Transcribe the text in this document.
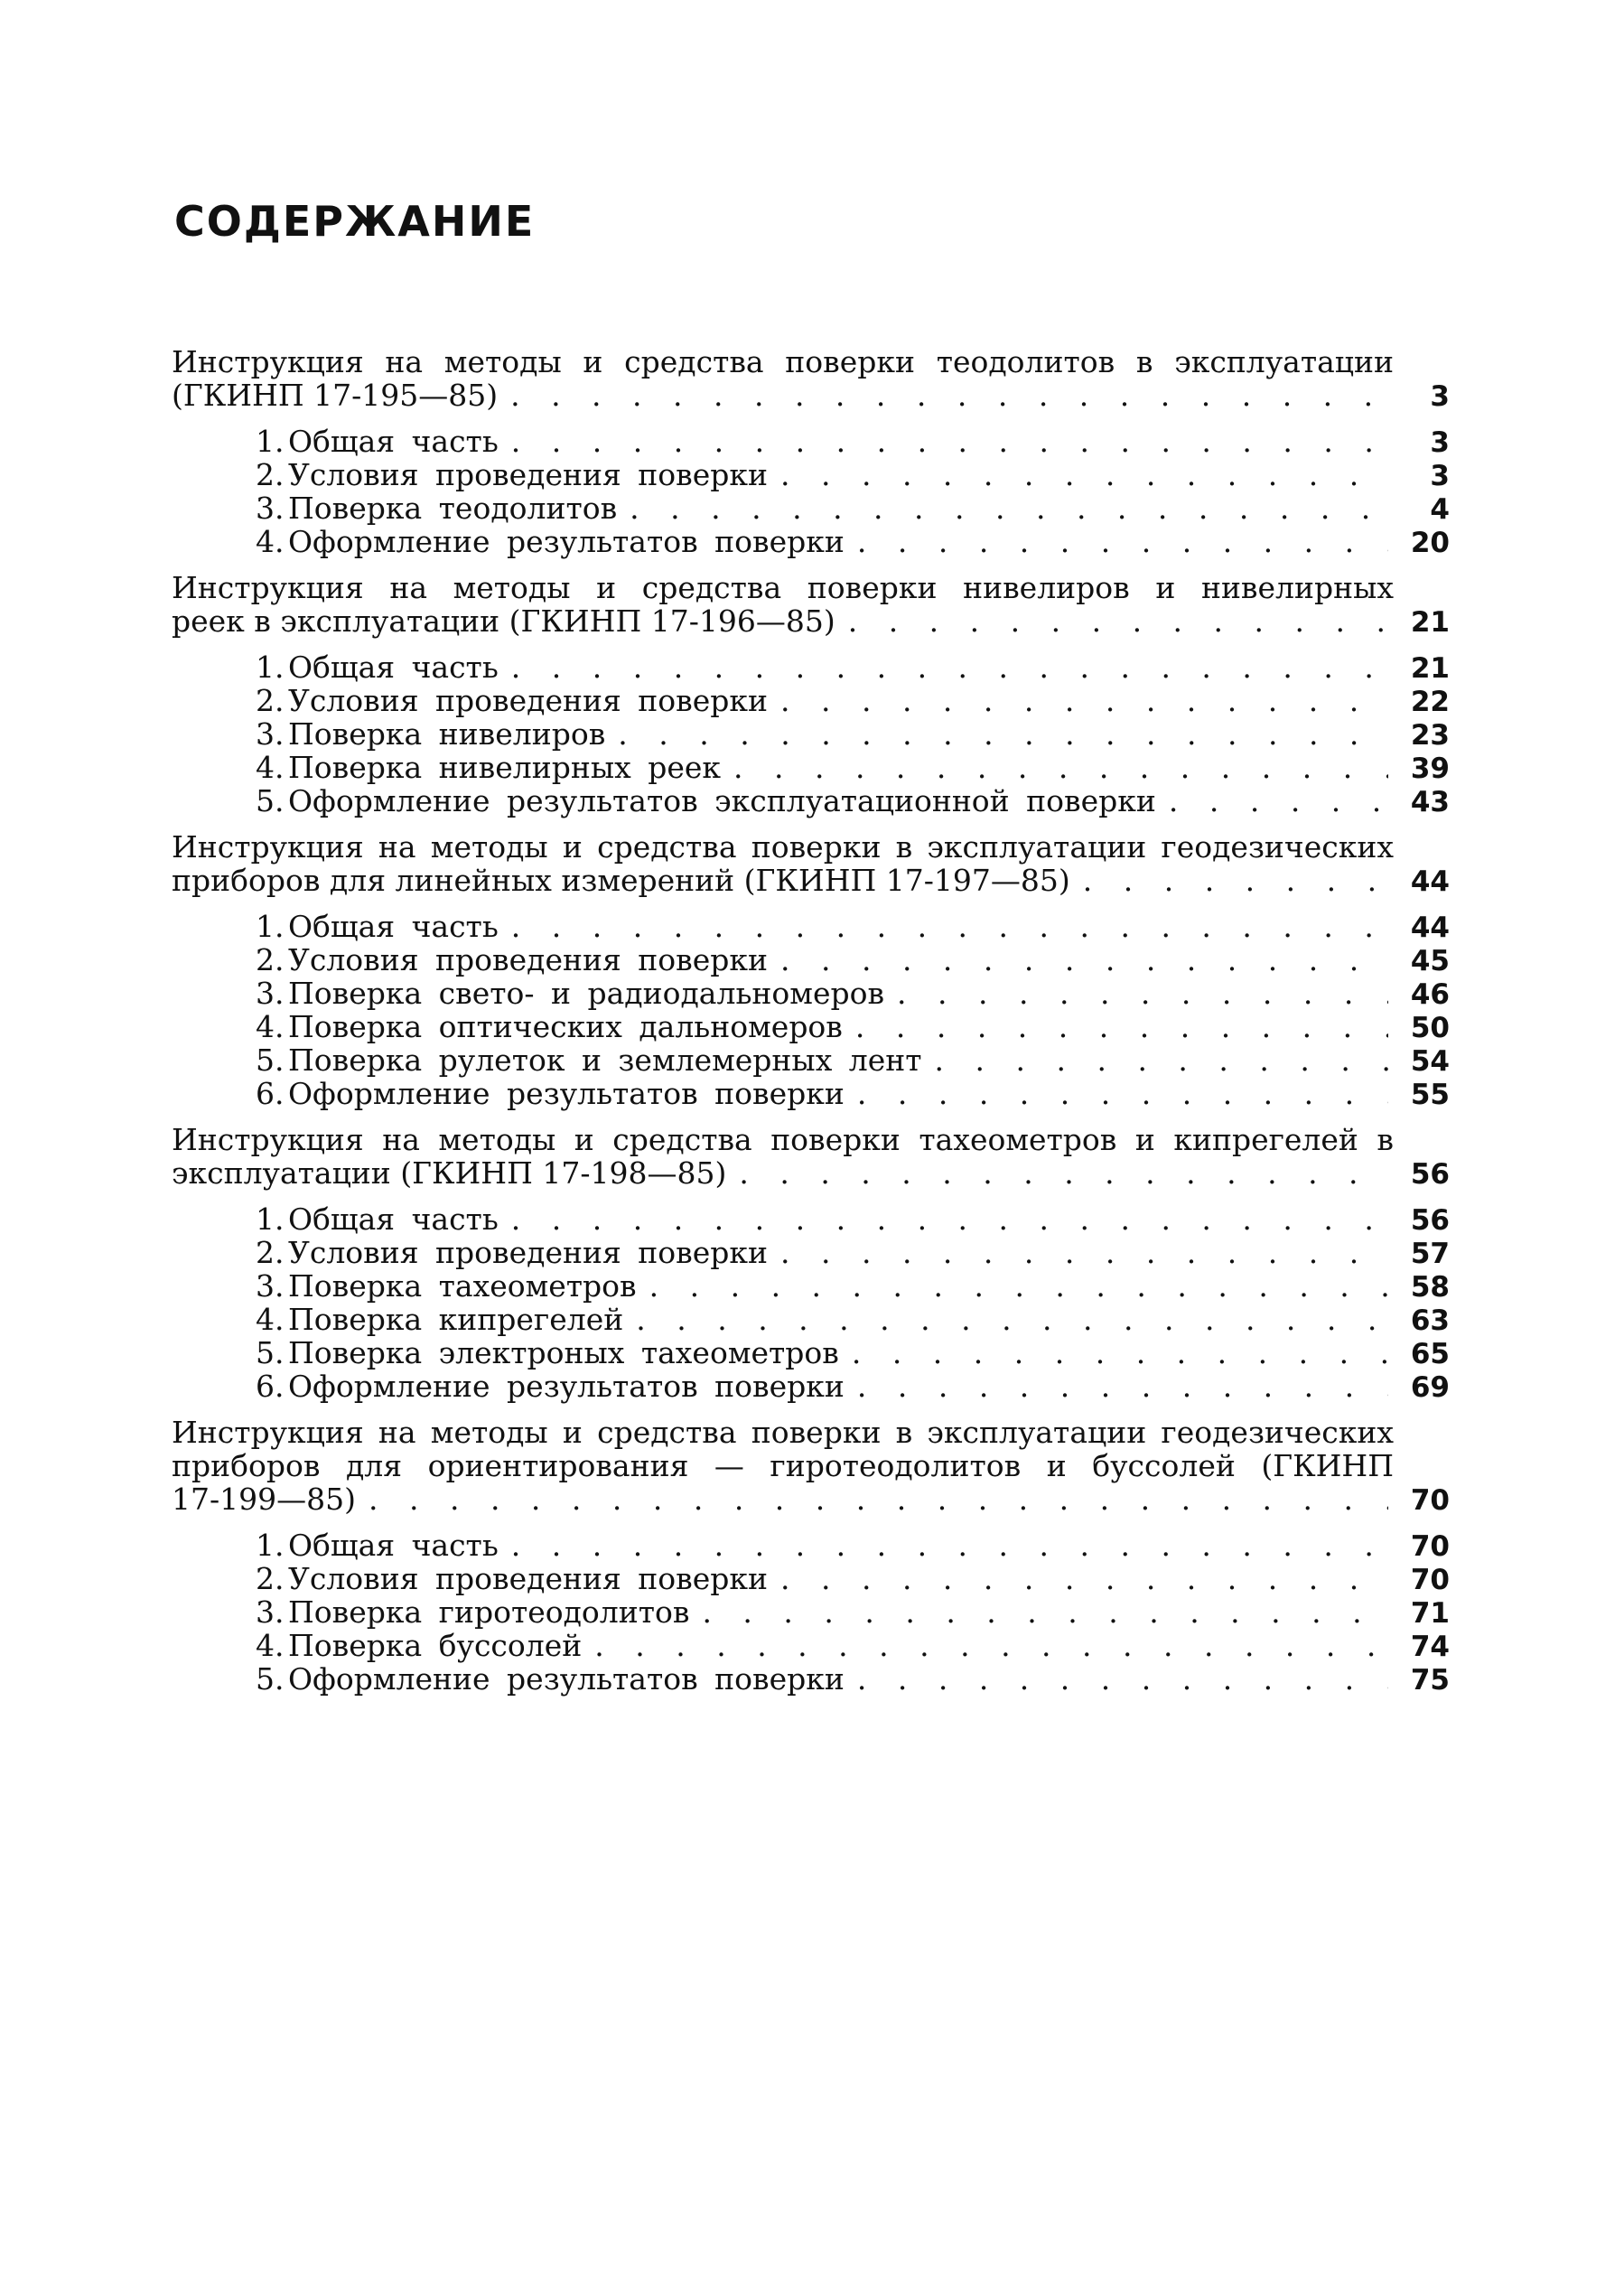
СОДЕРЖАНИЕ
Инструкция на методы и средства поверки теодолитов в эксплуатации
(ГКИНП 17-195—85) . . .	3
1. Общая часть . . .	3
2. Условия проведения поверки . . .	3
3. Поверка теодолитов . . .	4
4. Оформление результатов поверки . . .	20
Инструкция на методы и средства поверки нивелиров и нивелирных
реек в эксплуатации (ГКИНП 17-196—85) . . .	21
1. Общая часть . . .	21
2. Условия проведения поверки . . .	22
3. Поверка нивелиров . . .	23
4. Поверка нивелирных реек . . .	39
5. Оформление результатов эксплуатационной поверки . . .	43
Инструкция на методы и средства поверки в эксплуатации геодезических
приборов для линейных измерений (ГКИНП 17-197—85) . . .	44
1. Общая часть . . .	44
2. Условия проведения поверки . . .	45
3. Поверка свето- и радиодальномеров . . .	46
4. Поверка оптических дальномеров . . .	50
5. Поверка рулеток и землемерных лент . . .	54
6. Оформление результатов поверки . . .	55
Инструкция на методы и средства поверки тахеометров и кипрегелей в
эксплуатации (ГКИНП 17-198—85) . . .	56
1. Общая часть . . .	56
2. Условия проведения поверки . . .	57
3. Поверка тахеометров . . .	58
4. Поверка кипрегелей . . .	63
5. Поверка электроных тахеометров . . .	65
6. Оформление результатов поверки . . .	69
Инструкция на методы и средства поверки в эксплуатации геодезических
приборов для ориентирования — гиротеодолитов и буссолей (ГКИНП
17-199—85) . . .	70
1. Общая часть . . .	70
2. Условия проведения поверки . . .	70
3. Поверка гиротеодолитов . . .	71
4. Поверка буссолей . . .	74
5. Оформление результатов поверки . . .	75
